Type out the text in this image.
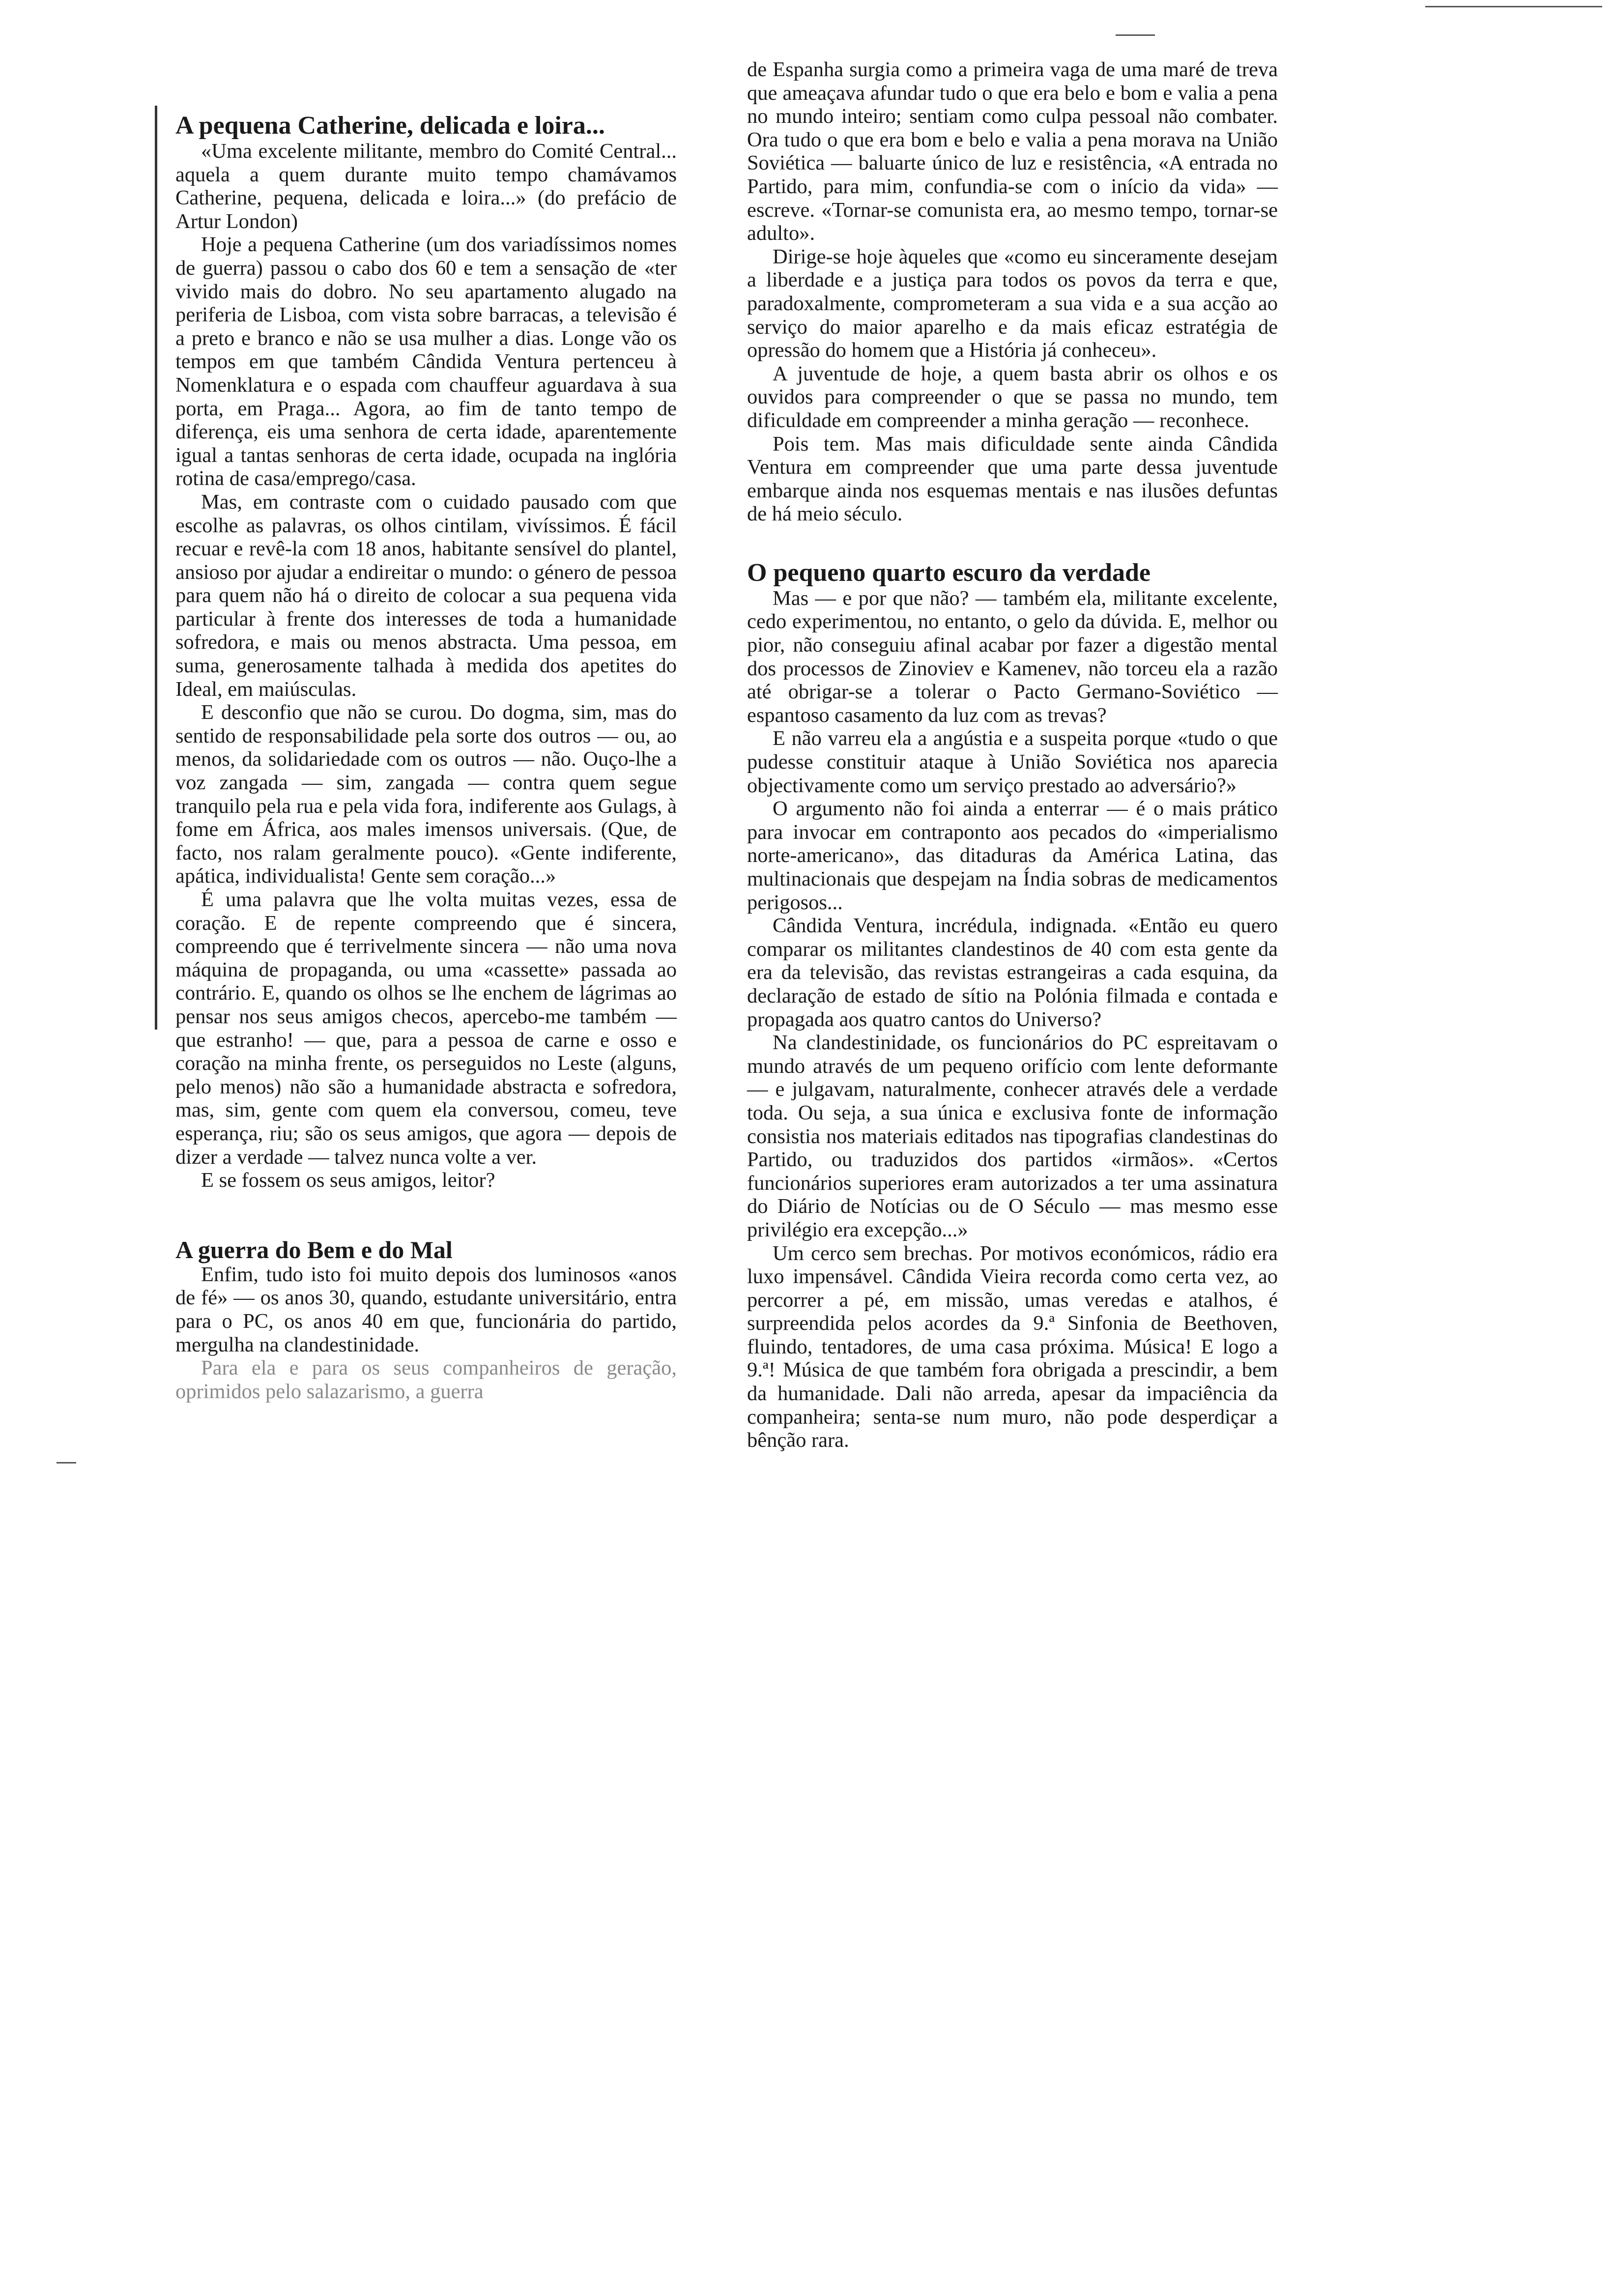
A pequena Catherine, delicada e loira...

«Uma excelente militante, membro do Comité Central... aquela a quem durante muito tempo chamávamos Catherine, pequena, delicada e loira...» (do prefácio de Artur London)

Hoje a pequena Catherine (um dos variadíssimos nomes de guerra) passou o cabo dos 60 e tem a sensação de «ter vivido mais do dobro. No seu apartamento alugado na periferia de Lisboa, com vista sobre barracas, a televisão é a preto e branco e não se usa mulher a dias. Longe vão os tempos em que também Cândida Ventura pertenceu à Nomenklatura e o espada com chauffeur aguardava à sua porta, em Praga... Agora, ao fim de tanto tempo de diferença, eis uma senhora de certa idade, aparentemente igual a tantas senhoras de certa idade, ocupada na inglória rotina de casa/emprego/casa.

Mas, em contraste com o cuidado pausado com que escolhe as palavras, os olhos cintilam, vivíssimos. É fácil recuar e revê-la com 18 anos, habitante sensível do plantel, ansioso por ajudar a endireitar o mundo: o género de pessoa para quem não há o direito de colocar a sua pequena vida particular à frente dos interesses de toda a humanidade sofredora, e mais ou menos abstracta. Uma pessoa, em suma, generosamente talhada à medida dos apetites do Ideal, em maiúsculas.

E desconfio que não se curou. Do dogma, sim, mas do sentido de responsabilidade pela sorte dos outros — ou, ao menos, da solidariedade com os outros — não. Ouço-lhe a voz zangada — sim, zangada — contra quem segue tranquilo pela rua e pela vida fora, indiferente aos Gulags, à fome em África, aos males imensos universais. (Que, de facto, nos ralam geralmente pouco). «Gente indiferente, apática, individualista! Gente sem coração...»

É uma palavra que lhe volta muitas vezes, essa de coração. E de repente compreendo que é sincera, compreendo que é terrivelmente sincera — não uma nova máquina de propaganda, ou uma «cassette» passada ao contrário. E, quando os olhos se lhe enchem de lágrimas ao pensar nos seus amigos checos, apercebo-me também — que estranho! — que, para a pessoa de carne e osso e coração na minha frente, os perseguidos no Leste (alguns, pelo menos) não são a humanidade abstracta e sofredora, mas, sim, gente com quem ela conversou, comeu, teve esperança, riu; são os seus amigos, que agora — depois de dizer a verdade — talvez nunca volte a ver.

E se fossem os seus amigos, leitor?

A guerra do Bem e do Mal

Enfim, tudo isto foi muito depois dos luminosos «anos de fé» — os anos 30, quando, estudante universitário, entra para o PC, os anos 40 em que, funcionária do partido, mergulha na clandestinidade.

Para ela e para os seus companheiros de geração, oprimidos pelo salazarismo, a guerra

de Espanha surgia como a primeira vaga de uma maré de treva que ameaçava afundar tudo o que era belo e bom e valia a pena no mundo inteiro; sentiam como culpa pessoal não combater. Ora tudo o que era bom e belo e valia a pena morava na União Soviética — baluarte único de luz e resistência, «A entrada no Partido, para mim, confundia-se com o início da vida» — escreve. «Tornar-se comunista era, ao mesmo tempo, tornar-se adulto».

Dirige-se hoje àqueles que «como eu sinceramente desejam a liberdade e a justiça para todos os povos da terra e que, paradoxalmente, comprometeram a sua vida e a sua acção ao serviço do maior aparelho e da mais eficaz estratégia de opressão do homem que a História já conheceu».

A juventude de hoje, a quem basta abrir os olhos e os ouvidos para compreender o que se passa no mundo, tem dificuldade em compreender a minha geração — reconhece.

Pois tem. Mas mais dificuldade sente ainda Cândida Ventura em compreender que uma parte dessa juventude embarque ainda nos esquemas mentais e nas ilusões defuntas de há meio século.

O pequeno quarto escuro da verdade

Mas — e por que não? — também ela, militante excelente, cedo experimentou, no entanto, o gelo da dúvida. E, melhor ou pior, não conseguiu afinal acabar por fazer a digestão mental dos processos de Zinoviev e Kamenev, não torceu ela a razão até obrigar-se a tolerar o Pacto Germano-Soviético — espantoso casamento da luz com as trevas?

E não varreu ela a angústia e a suspeita porque «tudo o que pudesse constituir ataque à União Soviética nos aparecia objectivamente como um serviço prestado ao adversário?»

O argumento não foi ainda a enterrar — é o mais prático para invocar em contraponto aos pecados do «imperialismo norte-americano», das ditaduras da América Latina, das multinacionais que despejam na Índia sobras de medicamentos perigosos...

Cândida Ventura, incrédula, indignada. «Então eu quero comparar os militantes clandestinos de 40 com esta gente da era da televisão, das revistas estrangeiras a cada esquina, da declaração de estado de sítio na Polónia filmada e contada e propagada aos quatro cantos do Universo?

Na clandestinidade, os funcionários do PC espreitavam o mundo através de um pequeno orifício com lente deformante — e julgavam, naturalmente, conhecer através dele a verdade toda. Ou seja, a sua única e exclusiva fonte de informação consistia nos materiais editados nas tipografias clandestinas do Partido, ou traduzidos dos partidos «irmãos». «Certos funcionários superiores eram autorizados a ter uma assinatura do Diário de Notícias ou de O Século — mas mesmo esse privilégio era excepção...»

Um cerco sem brechas. Por motivos económicos, rádio era luxo impensável. Cândida Vieira recorda como certa vez, ao percorrer a pé, em missão, umas veredas e atalhos, é surpreendida pelos acordes da 9.ª Sinfonia de Beethoven, fluindo, tentadores, de uma casa próxima. Música! E logo a 9.ª! Música de que também fora obrigada a prescindir, a bem da humanidade. Dali não arreda, apesar da impaciência da companheira; senta-se num muro, não pode desperdiçar a bênção rara.
